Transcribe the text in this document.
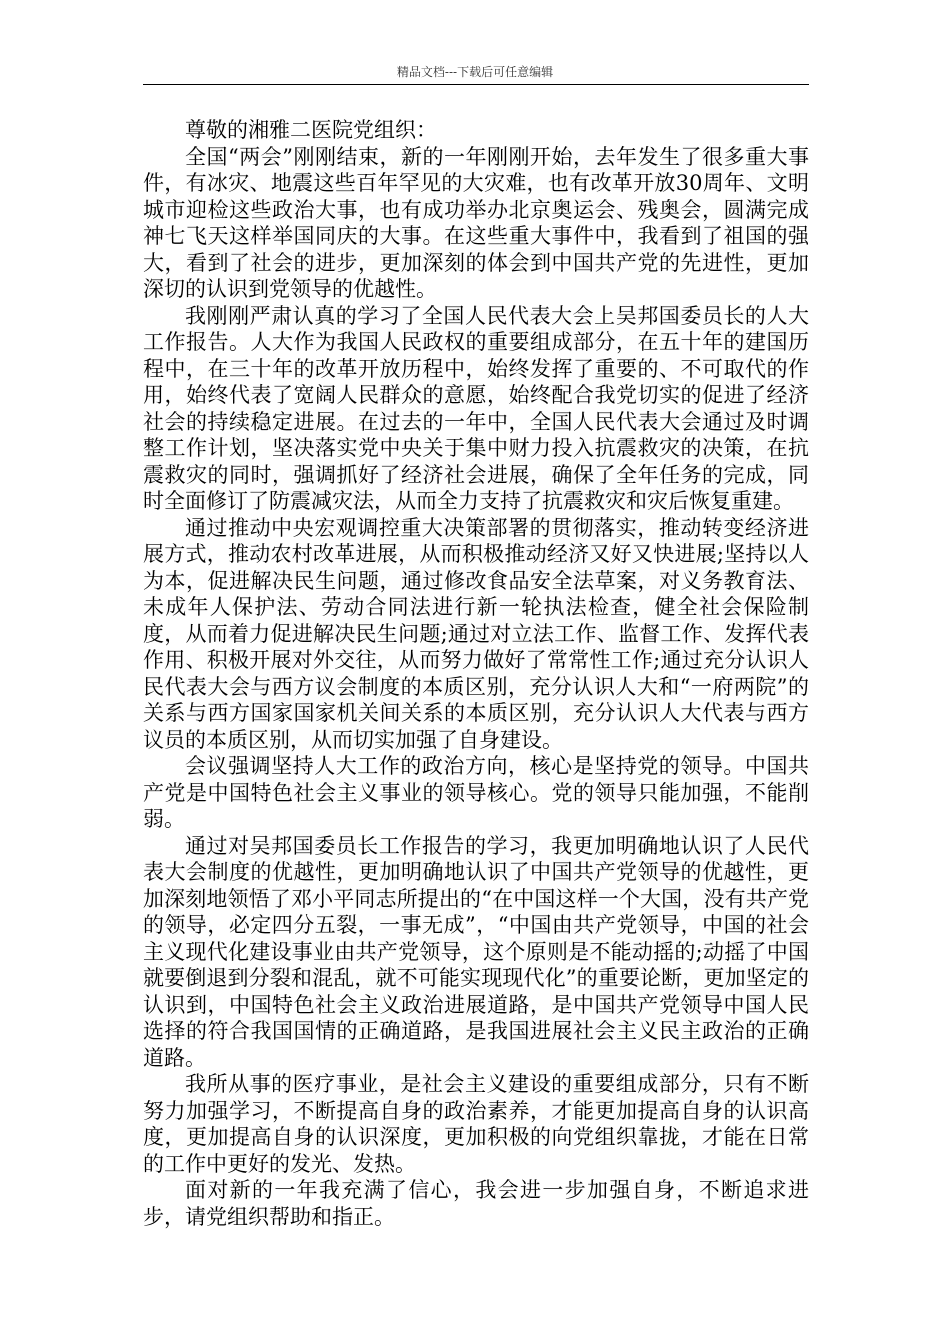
精品文档---下载后可任意编辑

尊敬的湘雅二医院党组织：

全国“两会”刚刚结束，新的一年刚刚开始，去年发生了很多重大事件，有冰灾、地震这些百年罕见的大灾难，也有改革开放30周年、文明城市迎检这些政治大事，也有成功举办北京奥运会、残奥会，圆满完成神七飞天这样举国同庆的大事。在这些重大事件中，我看到了祖国的强大，看到了社会的进步，更加深刻的体会到中国共产党的先进性，更加深切的认识到党领导的优越性。

我刚刚严肃认真的学习了全国人民代表大会上吴邦国委员长的人大工作报告。人大作为我国人民政权的重要组成部分，在五十年的建国历程中，在三十年的改革开放历程中，始终发挥了重要的、不可取代的作用，始终代表了宽阔人民群众的意愿，始终配合我党切实的促进了经济社会的持续稳定进展。在过去的一年中，全国人民代表大会通过及时调整工作计划，坚决落实党中央关于集中财力投入抗震救灾的决策，在抗震救灾的同时，强调抓好了经济社会进展，确保了全年任务的完成，同时全面修订了防震减灾法，从而全力支持了抗震救灾和灾后恢复重建。

通过推动中央宏观调控重大决策部署的贯彻落实，推动转变经济进展方式，推动农村改革进展，从而积极推动经济又好又快进展;坚持以人为本，促进解决民生问题，通过修改食品安全法草案，对义务教育法、未成年人保护法、劳动合同法进行新一轮执法检查，健全社会保险制度，从而着力促进解决民生问题;通过对立法工作、监督工作、发挥代表作用、积极开展对外交往，从而努力做好了常常性工作;通过充分认识人民代表大会与西方议会制度的本质区别，充分认识人大和“一府两院”的关系与西方国家国家机关间关系的本质区别，充分认识人大代表与西方议员的本质区别，从而切实加强了自身建设。

会议强调坚持人大工作的政治方向，核心是坚持党的领导。中国共产党是中国特色社会主义事业的领导核心。党的领导只能加强，不能削弱。

通过对吴邦国委员长工作报告的学习，我更加明确地认识了人民代表大会制度的优越性，更加明确地认识了中国共产党领导的优越性，更加深刻地领悟了邓小平同志所提出的“在中国这样一个大国，没有共产党的领导，必定四分五裂，一事无成”，“中国由共产党领导，中国的社会主义现代化建设事业由共产党领导，这个原则是不能动摇的;动摇了中国就要倒退到分裂和混乱，就不可能实现现代化”的重要论断，更加坚定的认识到，中国特色社会主义政治进展道路，是中国共产党领导中国人民选择的符合我国国情的正确道路，是我国进展社会主义民主政治的正确道路。

我所从事的医疗事业，是社会主义建设的重要组成部分，只有不断努力加强学习，不断提高自身的政治素养，才能更加提高自身的认识高度，更加提高自身的认识深度，更加积极的向党组织靠拢，才能在日常的工作中更好的发光、发热。

面对新的一年我充满了信心，我会进一步加强自身，不断追求进步，请党组织帮助和指正。
